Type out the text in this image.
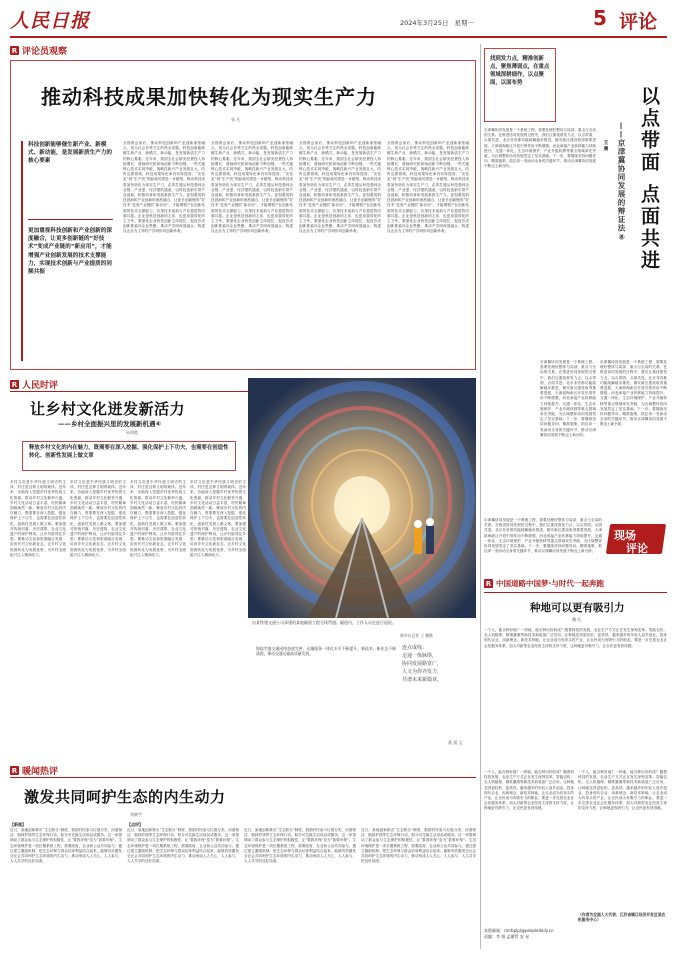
人民日报	2024年3月25日 星期一	5 评论
R 评论员观察
推动科技成果加快转化为现实生产力
张 凡
科技创新能够催生新产业、新模式、新动能，是发展新质生产力的核心要素
更加重视科技创新和产业创新的深度融合，让更多创新链的“好技术”变成产业链的“新应用”，才能增强产业创新发展的技术支撑能力，实现技术创新与产业提质的同频共振
全国两会前后，推动科技创新和产业创新深度融合，成为社会各界关注的热点话题。科技创新能够催生新产业、新模式、新动能，是发展新质生产力的核心要素。近年来，我国全社会研发经费投入持续增长，基础研究和原始创新不断加强，一些关键核心技术实现突破，战略性新兴产业发展壮大。同时也要看到，科技成果转化率仍有待提高，“实验室”到“生产线”的距离仍需进一步缩短。推动科技成果加快转化为现实生产力，必须打通从科技强到企业强、产业强、经济强的通道，以科技创新引领产业创新，积极培育和发展新质生产力。更加重视科技创新和产业创新的深度融合，让更多创新链的“好技术”变成产业链的“新应用”，才能增强产业创新发展的技术支撑能力，实现技术创新与产业提质的同频共振。企业是科技创新的主体，也是成果转化的主力军。要强化企业科技创新主体地位，促进各类创新要素向企业集聚，推动产学研深度融合，构建以企业为主导的产学研协同创新体系。
全国两会前后，推动科技创新和产业创新深度融合，成为社会各界关注的热点话题。科技创新能够催生新产业、新模式、新动能，是发展新质生产力的核心要素。近年来，我国全社会研发经费投入持续增长，基础研究和原始创新不断加强，一些关键核心技术实现突破，战略性新兴产业发展壮大。同时也要看到，科技成果转化率仍有待提高，“实验室”到“生产线”的距离仍需进一步缩短。推动科技成果加快转化为现实生产力，必须打通从科技强到企业强、产业强、经济强的通道，以科技创新引领产业创新，积极培育和发展新质生产力。更加重视科技创新和产业创新的深度融合，让更多创新链的“好技术”变成产业链的“新应用”，才能增强产业创新发展的技术支撑能力，实现技术创新与产业提质的同频共振。企业是科技创新的主体，也是成果转化的主力军。要强化企业科技创新主体地位，促进各类创新要素向企业集聚，推动产学研深度融合，构建以企业为主导的产学研协同创新体系。
全国两会前后，推动科技创新和产业创新深度融合，成为社会各界关注的热点话题。科技创新能够催生新产业、新模式、新动能，是发展新质生产力的核心要素。近年来，我国全社会研发经费投入持续增长，基础研究和原始创新不断加强，一些关键核心技术实现突破，战略性新兴产业发展壮大。同时也要看到，科技成果转化率仍有待提高，“实验室”到“生产线”的距离仍需进一步缩短。推动科技成果加快转化为现实生产力，必须打通从科技强到企业强、产业强、经济强的通道，以科技创新引领产业创新，积极培育和发展新质生产力。更加重视科技创新和产业创新的深度融合，让更多创新链的“好技术”变成产业链的“新应用”，才能增强产业创新发展的技术支撑能力，实现技术创新与产业提质的同频共振。企业是科技创新的主体，也是成果转化的主力军。要强化企业科技创新主体地位，促进各类创新要素向企业集聚，推动产学研深度融合，构建以企业为主导的产学研协同创新体系。
全国两会前后，推动科技创新和产业创新深度融合，成为社会各界关注的热点话题。科技创新能够催生新产业、新模式、新动能，是发展新质生产力的核心要素。近年来，我国全社会研发经费投入持续增长，基础研究和原始创新不断加强，一些关键核心技术实现突破，战略性新兴产业发展壮大。同时也要看到，科技成果转化率仍有待提高，“实验室”到“生产线”的距离仍需进一步缩短。推动科技成果加快转化为现实生产力，必须打通从科技强到企业强、产业强、经济强的通道，以科技创新引领产业创新，积极培育和发展新质生产力。更加重视科技创新和产业创新的深度融合，让更多创新链的“好技术”变成产业链的“新应用”，才能增强产业创新发展的技术支撑能力，实现技术创新与产业提质的同频共振。企业是科技创新的主体，也是成果转化的主力军。要强化企业科技创新主体地位，促进各类创新要素向企业集聚，推动产学研深度融合，构建以企业为主导的产学研协同创新体系。
找到发力点，精准创新点，聚焦薄弱点，在重点领域深耕细作，以点聚面，以面布势
以点带面 点面共进
——京津冀协同发展的辩证法⑧
王 晨
京津冀协同发展是一个系统工程，需要处理好整体与局部、重点与全局的关系。在推进协同发展的过程中，我们注重找准发力点，以点带面，点面共进。北京非首都功能疏解稳步推进，雄安新区建设取得重要进展，天津滨海新区开放引领作用不断增强，河北承接产业转移能力持续提升。交通一体化、生态环境保护、产业升级转移等重点领域率先突破，为区域整体协同发展奠定了坚实基础。下一步，要继续坚持问题导向，精准施策，抓住牵一发而动全身的关键环节，推动京津冀协同发展不断迈上新台阶。
京津冀协同发展是一个系统工程，需要处理好整体与局部、重点与全局的关系。在推进协同发展的过程中，我们注重找准发力点，以点带面，点面共进。北京非首都功能疏解稳步推进，雄安新区建设取得重要进展，天津滨海新区开放引领作用不断增强，河北承接产业转移能力持续提升。交通一体化、生态环境保护、产业升级转移等重点领域率先突破，为区域整体协同发展奠定了坚实基础。下一步，要继续坚持问题导向，精准施策，抓住牵一发而动全身的关键环节，推动京津冀协同发展不断迈上新台阶。
京津冀协同发展是一个系统工程，需要处理好整体与局部、重点与全局的关系。在推进协同发展的过程中，我们注重找准发力点，以点带面，点面共进。北京非首都功能疏解稳步推进，雄安新区建设取得重要进展，天津滨海新区开放引领作用不断增强，河北承接产业转移能力持续提升。交通一体化、生态环境保护、产业升级转移等重点领域率先突破，为区域整体协同发展奠定了坚实基础。下一步，要继续坚持问题导向，精准施策，抓住牵一发而动全身的关键环节，推动京津冀协同发展不断迈上新台阶。
现场
评论
京津冀协同发展是一个系统工程，需要处理好整体与局部、重点与全局的关系。在推进协同发展的过程中，我们注重找准发力点，以点带面，点面共进。北京非首都功能疏解稳步推进，雄安新区建设取得重要进展，天津滨海新区开放引领作用不断增强，河北承接产业转移能力持续提升。交通一体化、生态环境保护、产业升级转移等重点领域率先突破，为区域整体协同发展奠定了坚实基础。下一步，要继续坚持问题导向，精准施策，抓住牵一发而动全身的关键环节，推动京津冀协同发展不断迈上新台阶。
R 人民时评
让乡村文化迸发新活力
——乡村全面振兴里的发展新机遇④
孙明霞
释放乡村文化的内在魅力，既需要在深入挖掘、强化保护上下功夫，也需要在创造性转化、创新性发展上做文章
乡村文化是中华民族文明史的主体，村庄是这种文明的载体。近年来，各地深入挖掘乡村优秀传统文化资源，推动乡村文化繁荣兴盛，乡村文化活动日益丰富，村民精神面貌焕然一新。释放乡村文化的内在魅力，既需要在深入挖掘、强化保护上下功夫，也需要在创造性转化、创新性发展上做文章。要加强对传统村落、历史建筑、农业文化遗产的保护利用，让乡村留得住乡愁；要推动文化和旅游融合发展，培育乡村文化新业态，让乡村文化资源转化为发展优势，为乡村全面振兴注入精神动力。
乡村文化是中华民族文明史的主体，村庄是这种文明的载体。近年来，各地深入挖掘乡村优秀传统文化资源，推动乡村文化繁荣兴盛，乡村文化活动日益丰富，村民精神面貌焕然一新。释放乡村文化的内在魅力，既需要在深入挖掘、强化保护上下功夫，也需要在创造性转化、创新性发展上做文章。要加强对传统村落、历史建筑、农业文化遗产的保护利用，让乡村留得住乡愁；要推动文化和旅游融合发展，培育乡村文化新业态，让乡村文化资源转化为发展优势，为乡村全面振兴注入精神动力。
乡村文化是中华民族文明史的主体，村庄是这种文明的载体。近年来，各地深入挖掘乡村优秀传统文化资源，推动乡村文化繁荣兴盛，乡村文化活动日益丰富，村民精神面貌焕然一新。释放乡村文化的内在魅力，既需要在深入挖掘、强化保护上下功夫，也需要在创造性转化、创新性发展上做文章。要加强对传统村落、历史建筑、农业文化遗产的保护利用，让乡村留得住乡愁；要推动文化和旅游融合发展，培育乡村文化新业态，让乡村文化资源转化为发展优势，为乡村全面振兴注入精神动力。
乡村文化是中华民族文明史的主体，村庄是这种文明的载体。近年来，各地深入挖掘乡村优秀传统文化资源，推动乡村文化繁荣兴盛，乡村文化活动日益丰富，村民精神面貌焕然一新。释放乡村文化的内在魅力，既需要在深入挖掘、强化保护上下功夫，也需要在创造性转化、创新性发展上做文章。要加强对传统村落、历史建筑、农业文化遗产的保护利用，让乡村留得住乡愁；要推动文化和旅游融合发展，培育乡村文化新业态，让乡村文化资源转化为发展优势，为乡村全面振兴注入精神动力。
由某铁建交通公司承建的某地隧道工程全线贯通。隧道内，工作人员在进行巡检。
新华社记者 王 鹏摄
海陆空地交通网络加速完善，运输服务一体化水平不断提升，新技术、新业态不断涌现，推动交通运输高质量发展。
连点成线：
走通一体脉络，
协同发展路宽广，
人文为你齐发力，
共谱未来新篇章。
燕 熹 文
R 中国道路中国梦·与时代一起奔跑
种地可以更有吸引力
魏 巧
一个人，能否种好地？一块地，能否种出好收成？随着科技的发展，农业生产方式正在发生深刻变革。智能农机、无人机植保、精准灌溉等新技术新装备广泛应用，让种地变得更轻松、更高效。越来越多的年轻人返乡创业，投身现代农业，用新理念、新技术种地，让农业成为有奔头的产业，让农民成为有吸引力的职业。要进一步完善农业社会化服务体系，加大对新型农业经营主体的支持力度，让种地更有吸引力，让农民更有获得感。
一个人，能否种好地？一块地，能否种出好收成？随着科技的发展，农业生产方式正在发生深刻变革。智能农机、无人机植保、精准灌溉等新技术新装备广泛应用，让种地变得更轻松、更高效。越来越多的年轻人返乡创业，投身现代农业，用新理念、新技术种地，让农业成为有奔头的产业，让农民成为有吸引力的职业。要进一步完善农业社会化服务体系，加大对新型农业经营主体的支持力度，让种地更有吸引力，让农民更有获得感。
一个人，能否种好地？一块地，能否种出好收成？随着科技的发展，农业生产方式正在发生深刻变革。智能农机、无人机植保、精准灌溉等新技术新装备广泛应用，让种地变得更轻松、更高效。越来越多的年轻人返乡创业，投身现代农业，用新理念、新技术种地，让农业成为有奔头的产业，让农民成为有吸引力的职业。要进一步完善农业社会化服务体系，加大对新型农业经营主体的支持力度，让种地更有吸引力，让农民更有获得感。
（作者为全国人大代表、江苏省镇江经济开发区某农机服务中心）
R 暖闻热评
激发共同呵护生态的内生动力
刘晓宇
【新闻】	【点评】
近日，某地创新推出“生态积分”制度，鼓励村民参与垃圾分类、河道保洁、植绿护绿等生态环保行动，积分可兑换生活用品或服务。这一举措调动了群众参与生态保护的积极性，让“要我环保”变为“我要环保”。生态环境保护是一项长期系统工程，需要政府、企业和公众共同参与。通过建立激励机制，把生态环保与群众切身利益结合起来，能够有效激发全社会共同呵护生态环境的内生动力，推动形成人人关心、人人参与、人人共享的良好局面。
近日，某地创新推出“生态积分”制度，鼓励村民参与垃圾分类、河道保洁、植绿护绿等生态环保行动，积分可兑换生活用品或服务。这一举措调动了群众参与生态保护的积极性，让“要我环保”变为“我要环保”。生态环境保护是一项长期系统工程，需要政府、企业和公众共同参与。通过建立激励机制，把生态环保与群众切身利益结合起来，能够有效激发全社会共同呵护生态环境的内生动力，推动形成人人关心、人人参与、人人共享的良好局面。
近日，某地创新推出“生态积分”制度，鼓励村民参与垃圾分类、河道保洁、植绿护绿等生态环保行动，积分可兑换生活用品或服务。这一举措调动了群众参与生态保护的积极性，让“要我环保”变为“我要环保”。生态环境保护是一项长期系统工程，需要政府、企业和公众共同参与。通过建立激励机制，把生态环保与群众切身利益结合起来，能够有效激发全社会共同呵护生态环境的内生动力，推动形成人人关心、人人参与、人人共享的良好局面。
近日，某地创新推出“生态积分”制度，鼓励村民参与垃圾分类、河道保洁、植绿护绿等生态环保行动，积分可兑换生活用品或服务。这一举措调动了群众参与生态保护的积极性，让“要我环保”变为“我要环保”。生态环境保护是一项长期系统工程，需要政府、企业和公众共同参与。通过建立激励机制，把生态环保与群众切身利益结合起来，能够有效激发全社会共同呵护生态环境的内生动力，推动形成人人关心、人人参与、人人共享的良好局面。
本版邮箱：rmrbplpl@peopledaily.cn
责编：李 翔 孟繁哲 安 星
